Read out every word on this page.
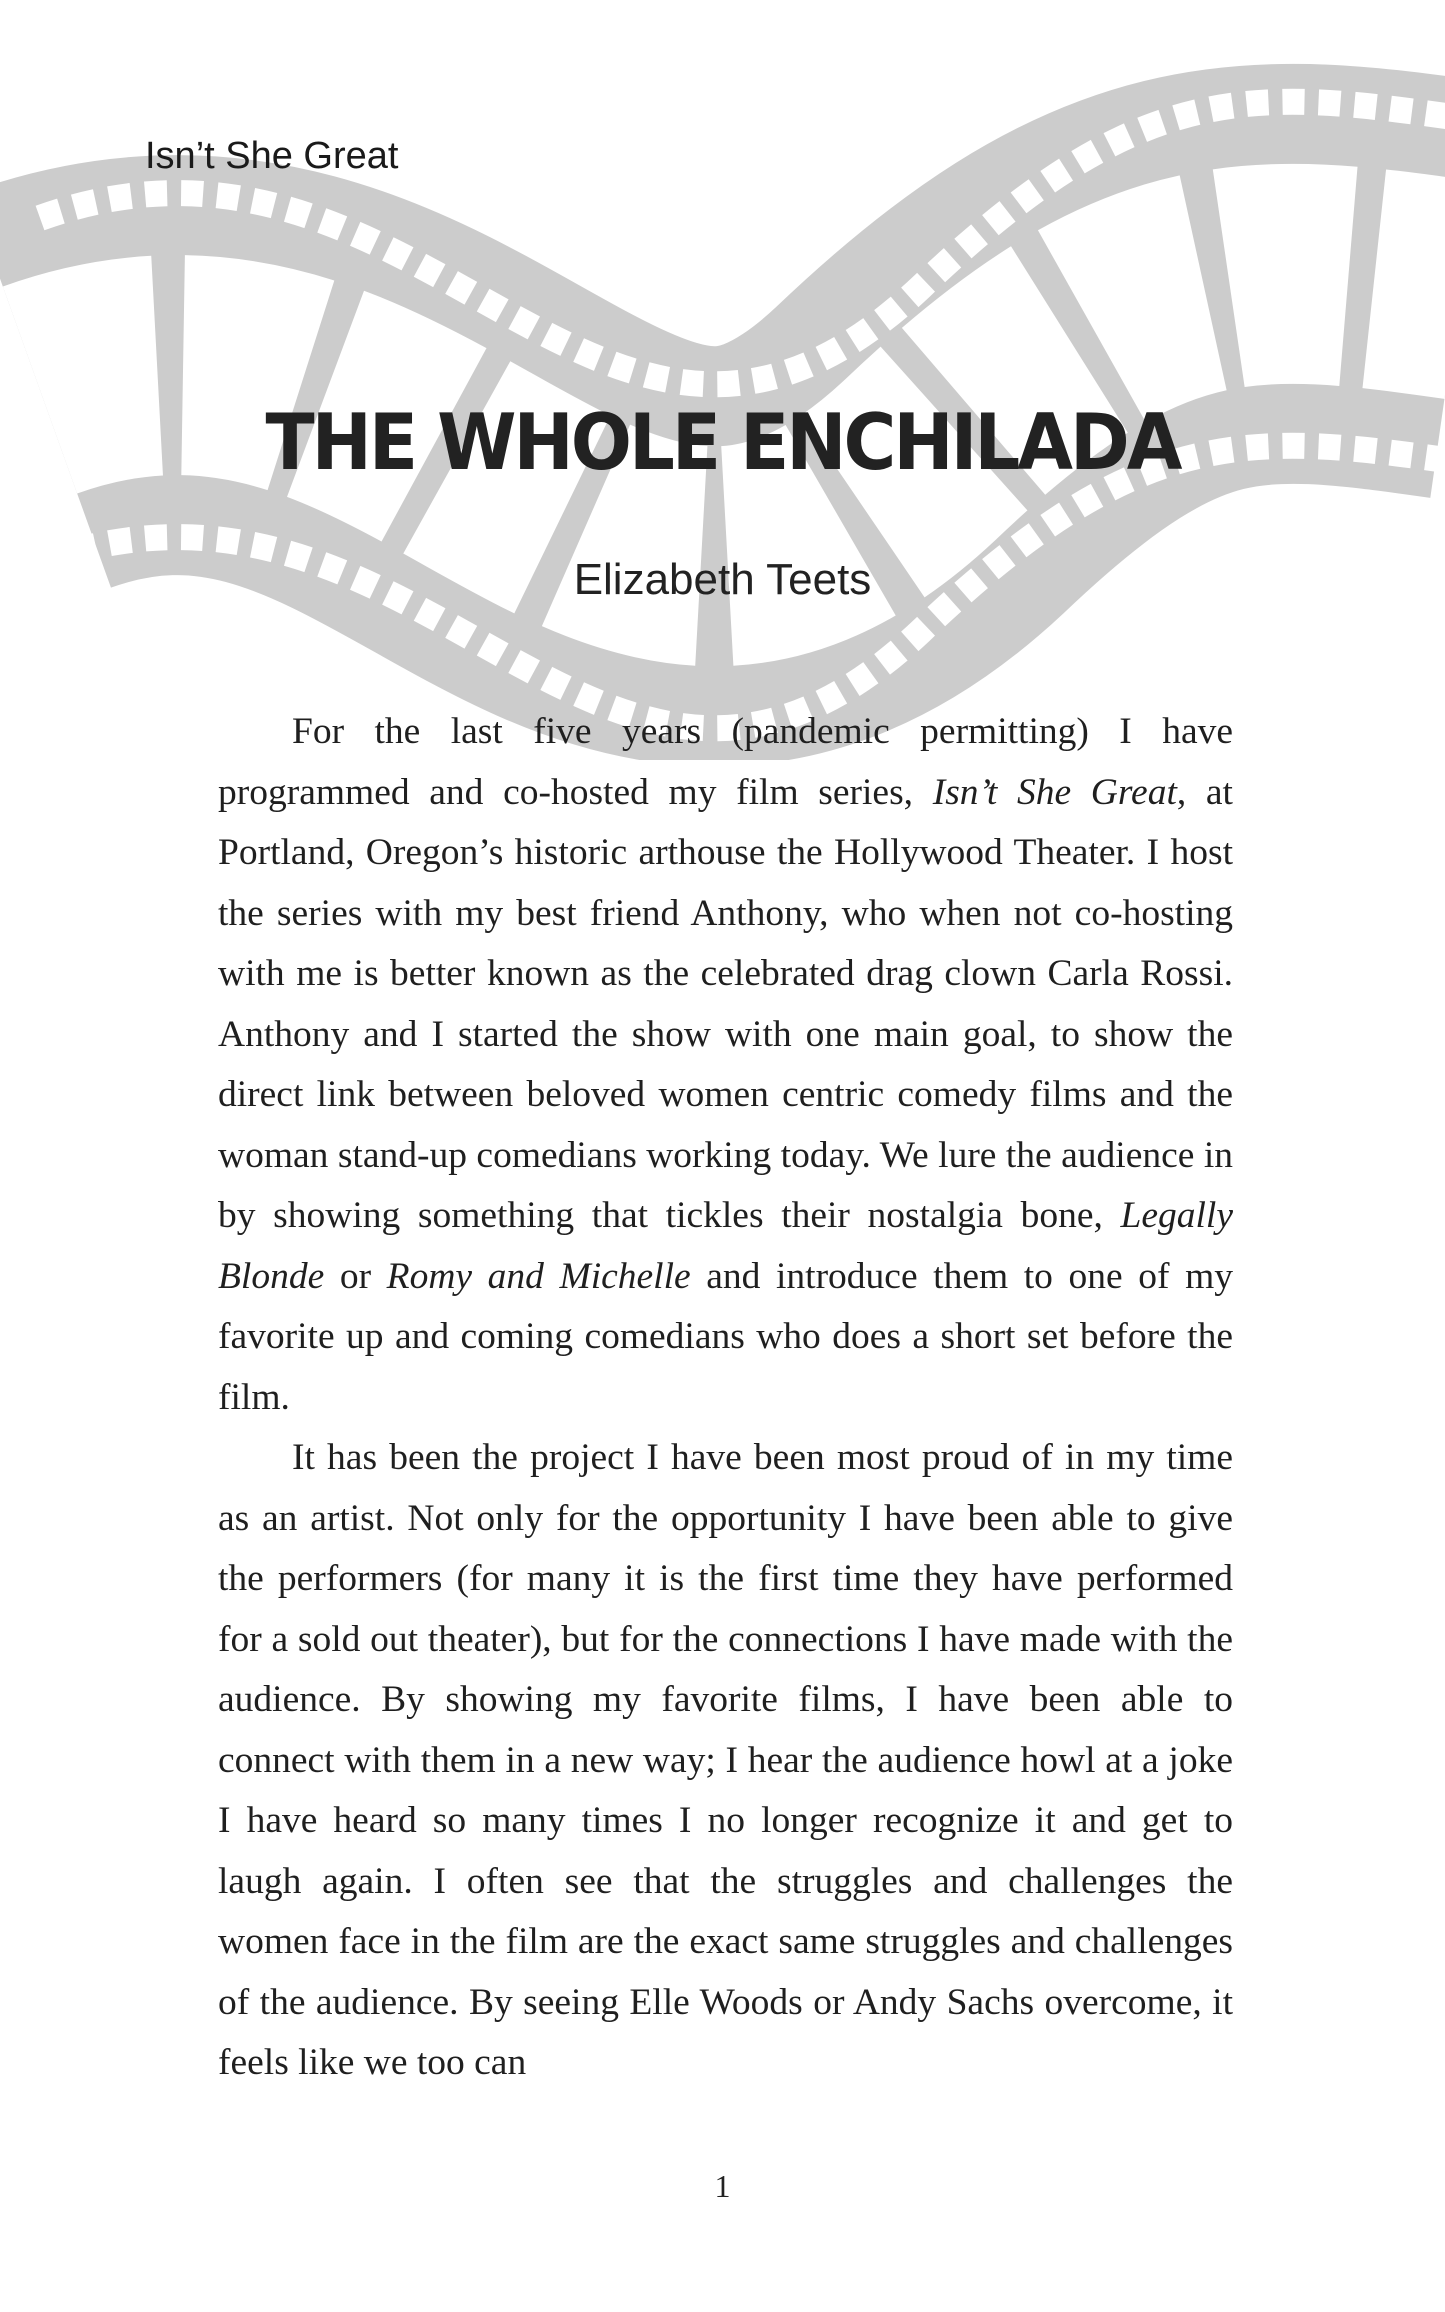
Isn’t She Great
THE WHOLE ENCHILADA
Elizabeth Teets

For the last five years (pandemic permitting) I have programmed and co-hosted my film series, Isn’t She Great, at Portland, Oregon’s historic arthouse the Hollywood Theater. I host the series with my best friend Anthony, who when not co-hosting with me is better known as the celebrated drag clown Carla Rossi. Anthony and I started the show with one main goal, to show the direct link between beloved women centric comedy films and the woman stand-up comedians working today. We lure the audience in by showing something that tickles their nostalgia bone, Legally Blonde or Romy and Michelle and introduce them to one of my favorite up and coming comedians who does a short set before the film.

It has been the project I have been most proud of in my time as an artist. Not only for the opportunity I have been able to give the performers (for many it is the first time they have performed for a sold out theater), but for the connections I have made with the audience. By showing my favorite films, I have been able to connect with them in a new way; I hear the audience howl at a joke I have heard so many times I no longer recognize it and get to laugh again. I often see that the struggles and challenges the women face in the film are the exact same struggles and challenges of the audience. By seeing Elle Woods or Andy Sachs overcome, it feels like we too can

1
